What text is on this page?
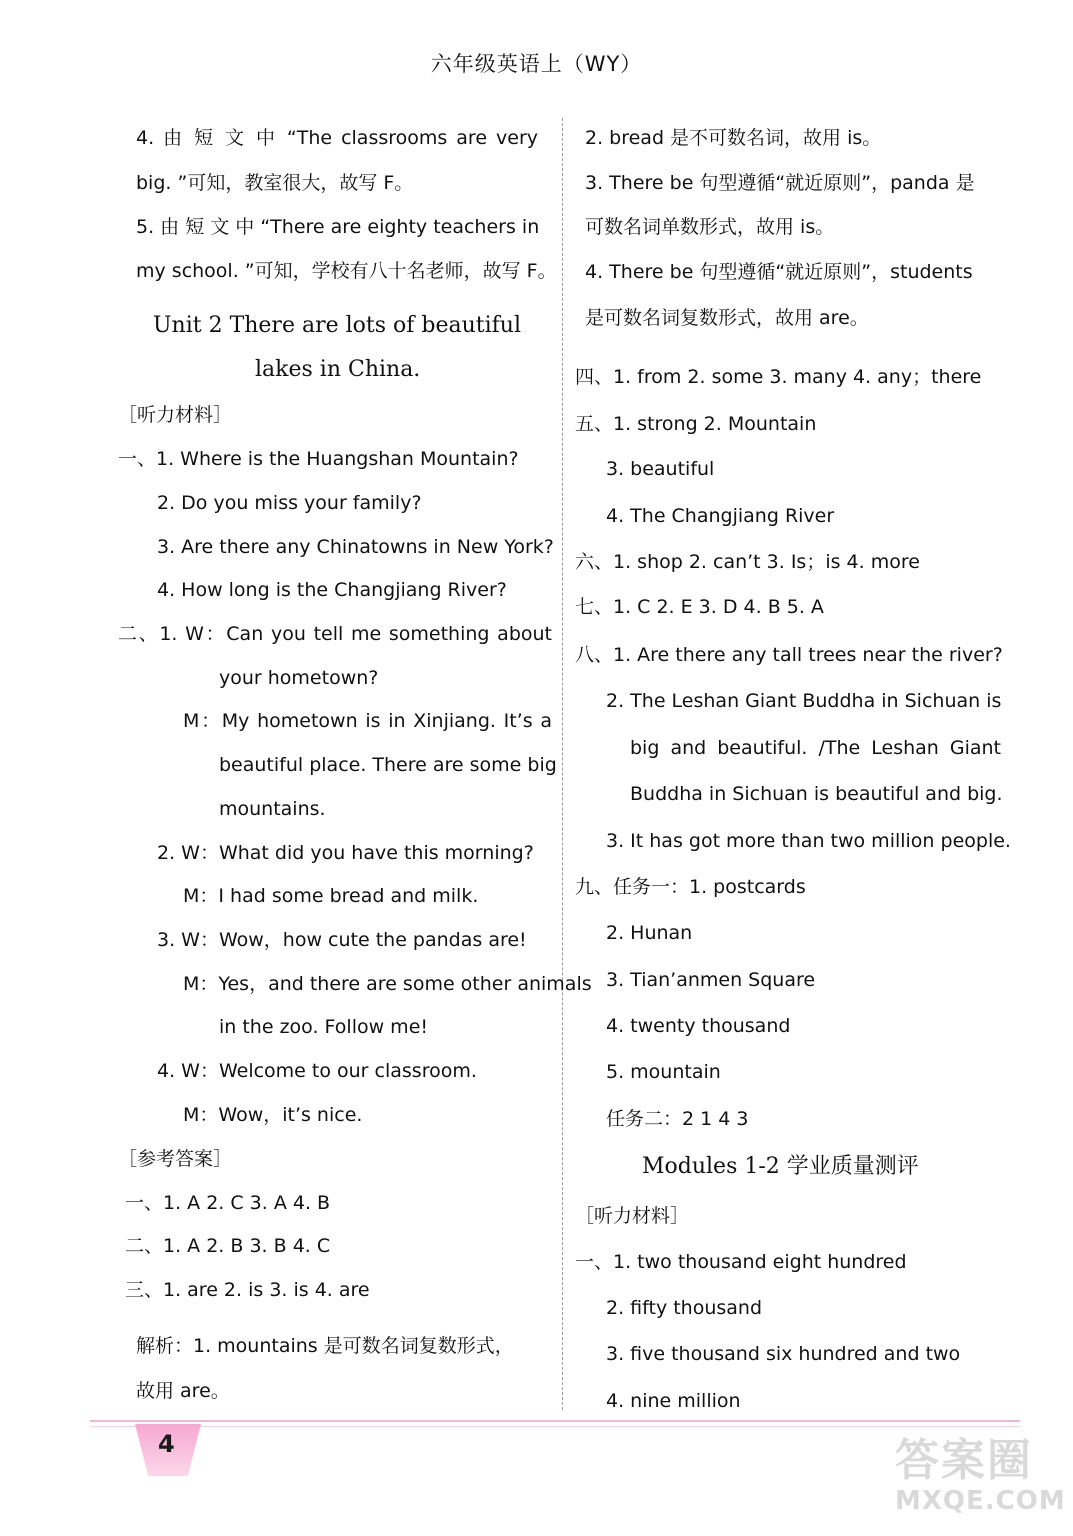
六年级英语上（WY）
4. 由 短 文 中 “The classrooms are very
big. ”可知，教室很大，故写 F。
5. 由 短 文 中 “There are eighty teachers in
my school. ”可知，学校有八十名老师，故写 F。
Unit 2 There are lots of beautiful
lakes in China.
［听力材料］
一、1. Where is the Huangshan Mountain?
2. Do you miss your family?
3. Are there any Chinatowns in New York?
4. How long is the Changjiang River?
二、1. W：Can you tell me something about
your hometown?
M：My hometown is in Xinjiang. It’s a
beautiful place. There are some big
mountains.
2. W：What did you have this morning?
M：I had some bread and milk.
3. W：Wow，how cute the pandas are!
M：Yes，and there are some other animals
in the zoo. Follow me!
4. W：Welcome to our classroom.
M：Wow，it’s nice.
［参考答案］
一、1. A 2. C 3. A 4. B
二、1. A 2. B 3. B 4. C
三、1. are 2. is 3. is 4. are
解析：1. mountains 是可数名词复数形式，
故用 are。
2. bread 是不可数名词，故用 is。
3. There be 句型遵循“就近原则”，panda 是
可数名词单数形式，故用 is。
4. There be 句型遵循“就近原则”，students
是可数名词复数形式，故用 are。
四、1. from 2. some 3. many 4. any；there
五、1. strong 2. Mountain
3. beautiful
4. The Changjiang River
六、1. shop 2. can’t 3. Is；is 4. more
七、1. C 2. E 3. D 4. B 5. A
八、1. Are there any tall trees near the river?
2. The Leshan Giant Buddha in Sichuan is
big and beautiful. /The Leshan Giant
Buddha in Sichuan is beautiful and big.
3. It has got more than two million people.
九、任务一：1. postcards
2. Hunan
3. Tian’anmen Square
4. twenty thousand
5. mountain
任务二：2 1 4 3
Modules 1-2 学业质量测评
［听力材料］
一、1. two thousand eight hundred
2. fifty thousand
3. five thousand six hundred and two
4. nine million
4	答案圈
MXQE.COM
